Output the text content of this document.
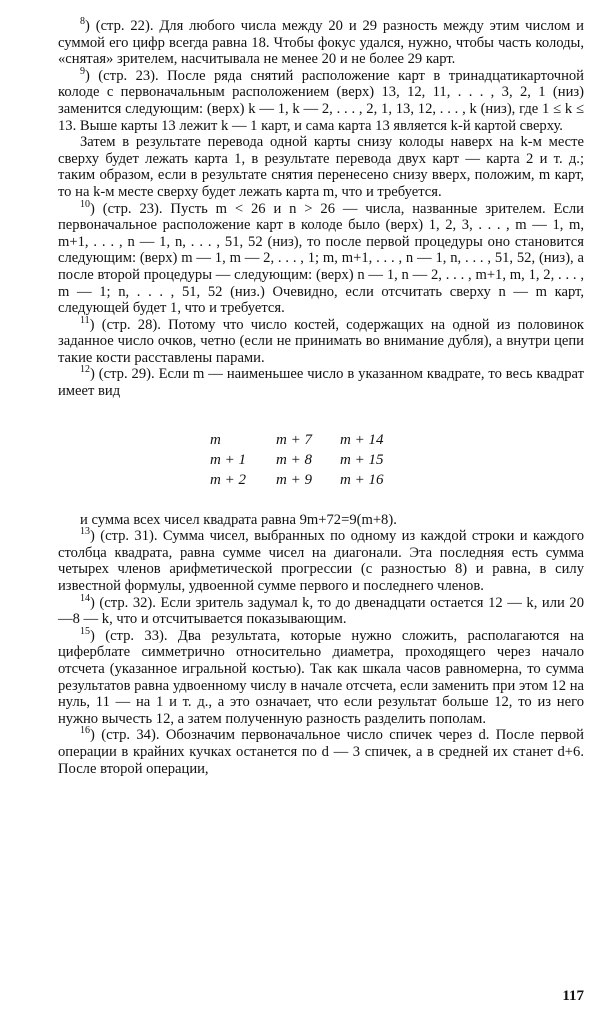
$^8$) (стр. 22). Для любого числа между 20 и 29 разность между этим числом и суммой его цифр всегда равна 18. Чтобы фокус удался, нужно, чтобы часть колоды, «снятая» зрителем, насчитывала не менее 20 и не более 29 карт.

$^9$) (стр. 23). После ряда снятий расположение карт в тринадцатикарточной колоде с первоначальным расположением (верх) 13, 12, 11, . . . , 3, 2, 1 (низ) заменится следующим: (верх) k — 1, k — 2, . . . , 2, 1, 13, 12, . . . , k (низ), где 1 ≤ k ≤ 13. Выше карты 13 лежит k — 1 карт, и сама карта 13 является k-й картой сверху.

Затем в результате перевода одной карты снизу колоды наверх на k-м месте сверху будет лежать карта 1, в результате перевода двух карт — карта 2 и т. д.; таким образом, если в результате снятия перенесено снизу вверх, положим, m карт, то на k-м месте сверху будет лежать карта m, что и требуется.

$^{10}$) (стр. 23). Пусть m < 26 и n > 26 — числа, названные зрителем. Если первоначальное расположение карт в колоде было (верх) 1, 2, 3, . . . , m — 1, m, m+1, . . . , n — 1, n, . . . , 51, 52 (низ), то после первой процедуры оно становится следующим: (верх) m — 1, m — 2, . . . , 1; m, m+1, . . . , n — 1, n, . . . , 51, 52, (низ), а после второй процедуры — следующим: (верх) n — 1, n — 2, . . . , m+1, m, 1, 2, . . . , m — 1; n, . . . , 51, 52 (низ.) Очевидно, если отсчитать сверху n — m карт, следующей будет 1, что и требуется.

$^{11}$) (стр. 28). Потому что число костей, содержащих на одной из половинок заданное число очков, четно (если не принимать во внимание дубля), а внутри цепи такие кости расставлены парами.

$^{12}$) (стр. 29). Если m — наименьшее число в указанном квадрате, то весь квадрат имеет вид

m	m + 7	m + 14
m + 1	m + 8	m + 15
m + 2	m + 9	m + 16

и сумма всех чисел квадрата равна 9m+72=9(m+8).

$^{13}$) (стр. 31). Сумма чисел, выбранных по одному из каждой строки и каждого столбца квадрата, равна сумме чисел на диагонали. Эта последняя есть сумма четырех членов арифметической прогрессии (с разностью 8) и равна, в силу известной формулы, удвоенной сумме первого и последнего членов.

$^{14}$) (стр. 32). Если зритель задумал k, то до двенадцати остается 12 — k, или 20—8 — k, что и отсчитывается показывающим.

$^{15}$) (стр. 33). Два результата, которые нужно сложить, располагаются на циферблате симметрично относительно диаметра, проходящего через начало отсчета (указанное игральной костью). Так как шкала часов равномерна, то сумма результатов равна удвоенному числу в начале отсчета, если заменить при этом 12 на нуль, 11 — на 1 и т. д., а это означает, что если результат больше 12, то из него нужно вычесть 12, а затем полученную разность разделить пополам.

$^{16}$) (стр. 34). Обозначим первоначальное число спичек через d. После первой операции в крайних кучках останется по d — 3 спичек, а в средней их станет d+6. После второй операции,

117
